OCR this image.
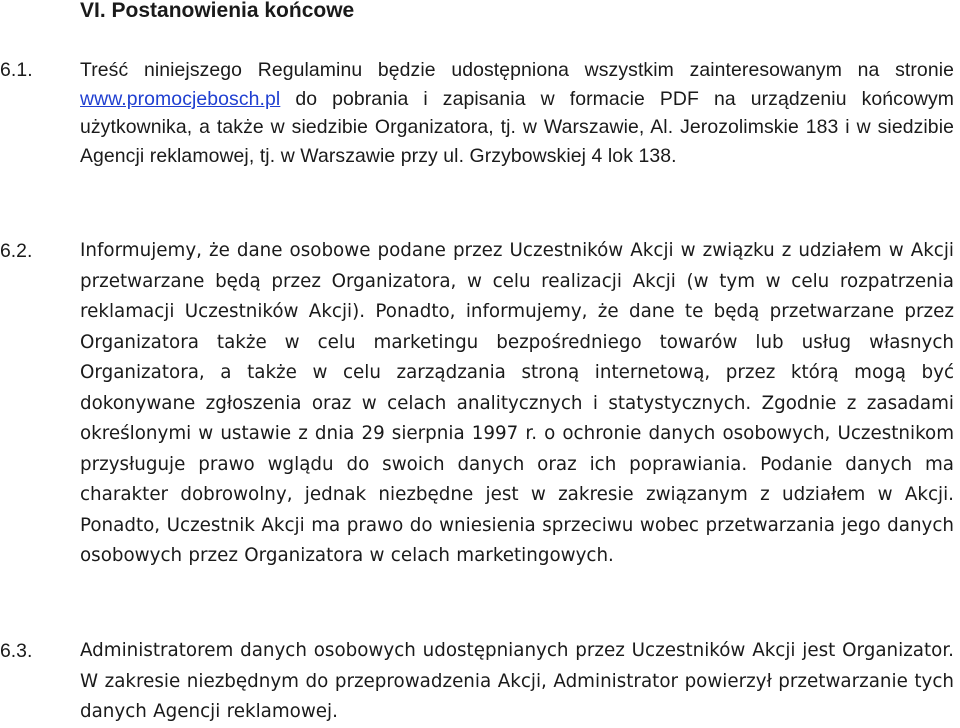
VI. Postanowienia końcowe
6.1. Treść niniejszego Regulaminu będzie udostępniona wszystkim zainteresowanym na stronie www.promocjebosch.pl do pobrania i zapisania w formacie PDF na urządzeniu końcowym użytkownika, a także w siedzibie Organizatora, tj. w Warszawie, Al. Jerozolimskie 183 i w siedzibie Agencji reklamowej, tj. w Warszawie przy ul. Grzybowskiej 4 lok 138.

6.2.	Informujemy, że dane osobowe podane przez Uczestników Akcji w związku z udziałem w Akcji przetwarzane będą przez Organizatora, w celu realizacji Akcji (w tym w celu rozpatrzenia reklamacji Uczestników Akcji). Ponadto, informujemy, że dane te będą przetwarzane przez Organizatora także w celu marketingu bezpośredniego towarów lub usług własnych Organizatora, a także w celu zarządzania stroną internetową, przez którą mogą być dokonywane zgłoszenia oraz w celach analitycznych i statystycznych. Zgodnie z zasadami określonymi w ustawie z dnia 29 sierpnia 1997 r. o ochronie danych osobowych, Uczestnikom przysługuje prawo wglądu do swoich danych oraz ich poprawiania. Podanie danych ma charakter dobrowolny, jednak niezbędne jest w zakresie związanym z udziałem w Akcji. Ponadto, Uczestnik Akcji ma prawo do wniesienia sprzeciwu wobec przetwarzania jego danych osobowych przez Organizatora w celach marketingowych.

6.3.	Administratorem danych osobowych udostępnianych przez Uczestników Akcji jest Organizator. W zakresie niezbędnym do przeprowadzenia Akcji, Administrator powierzył przetwarzanie tych danych Agencji reklamowej.
